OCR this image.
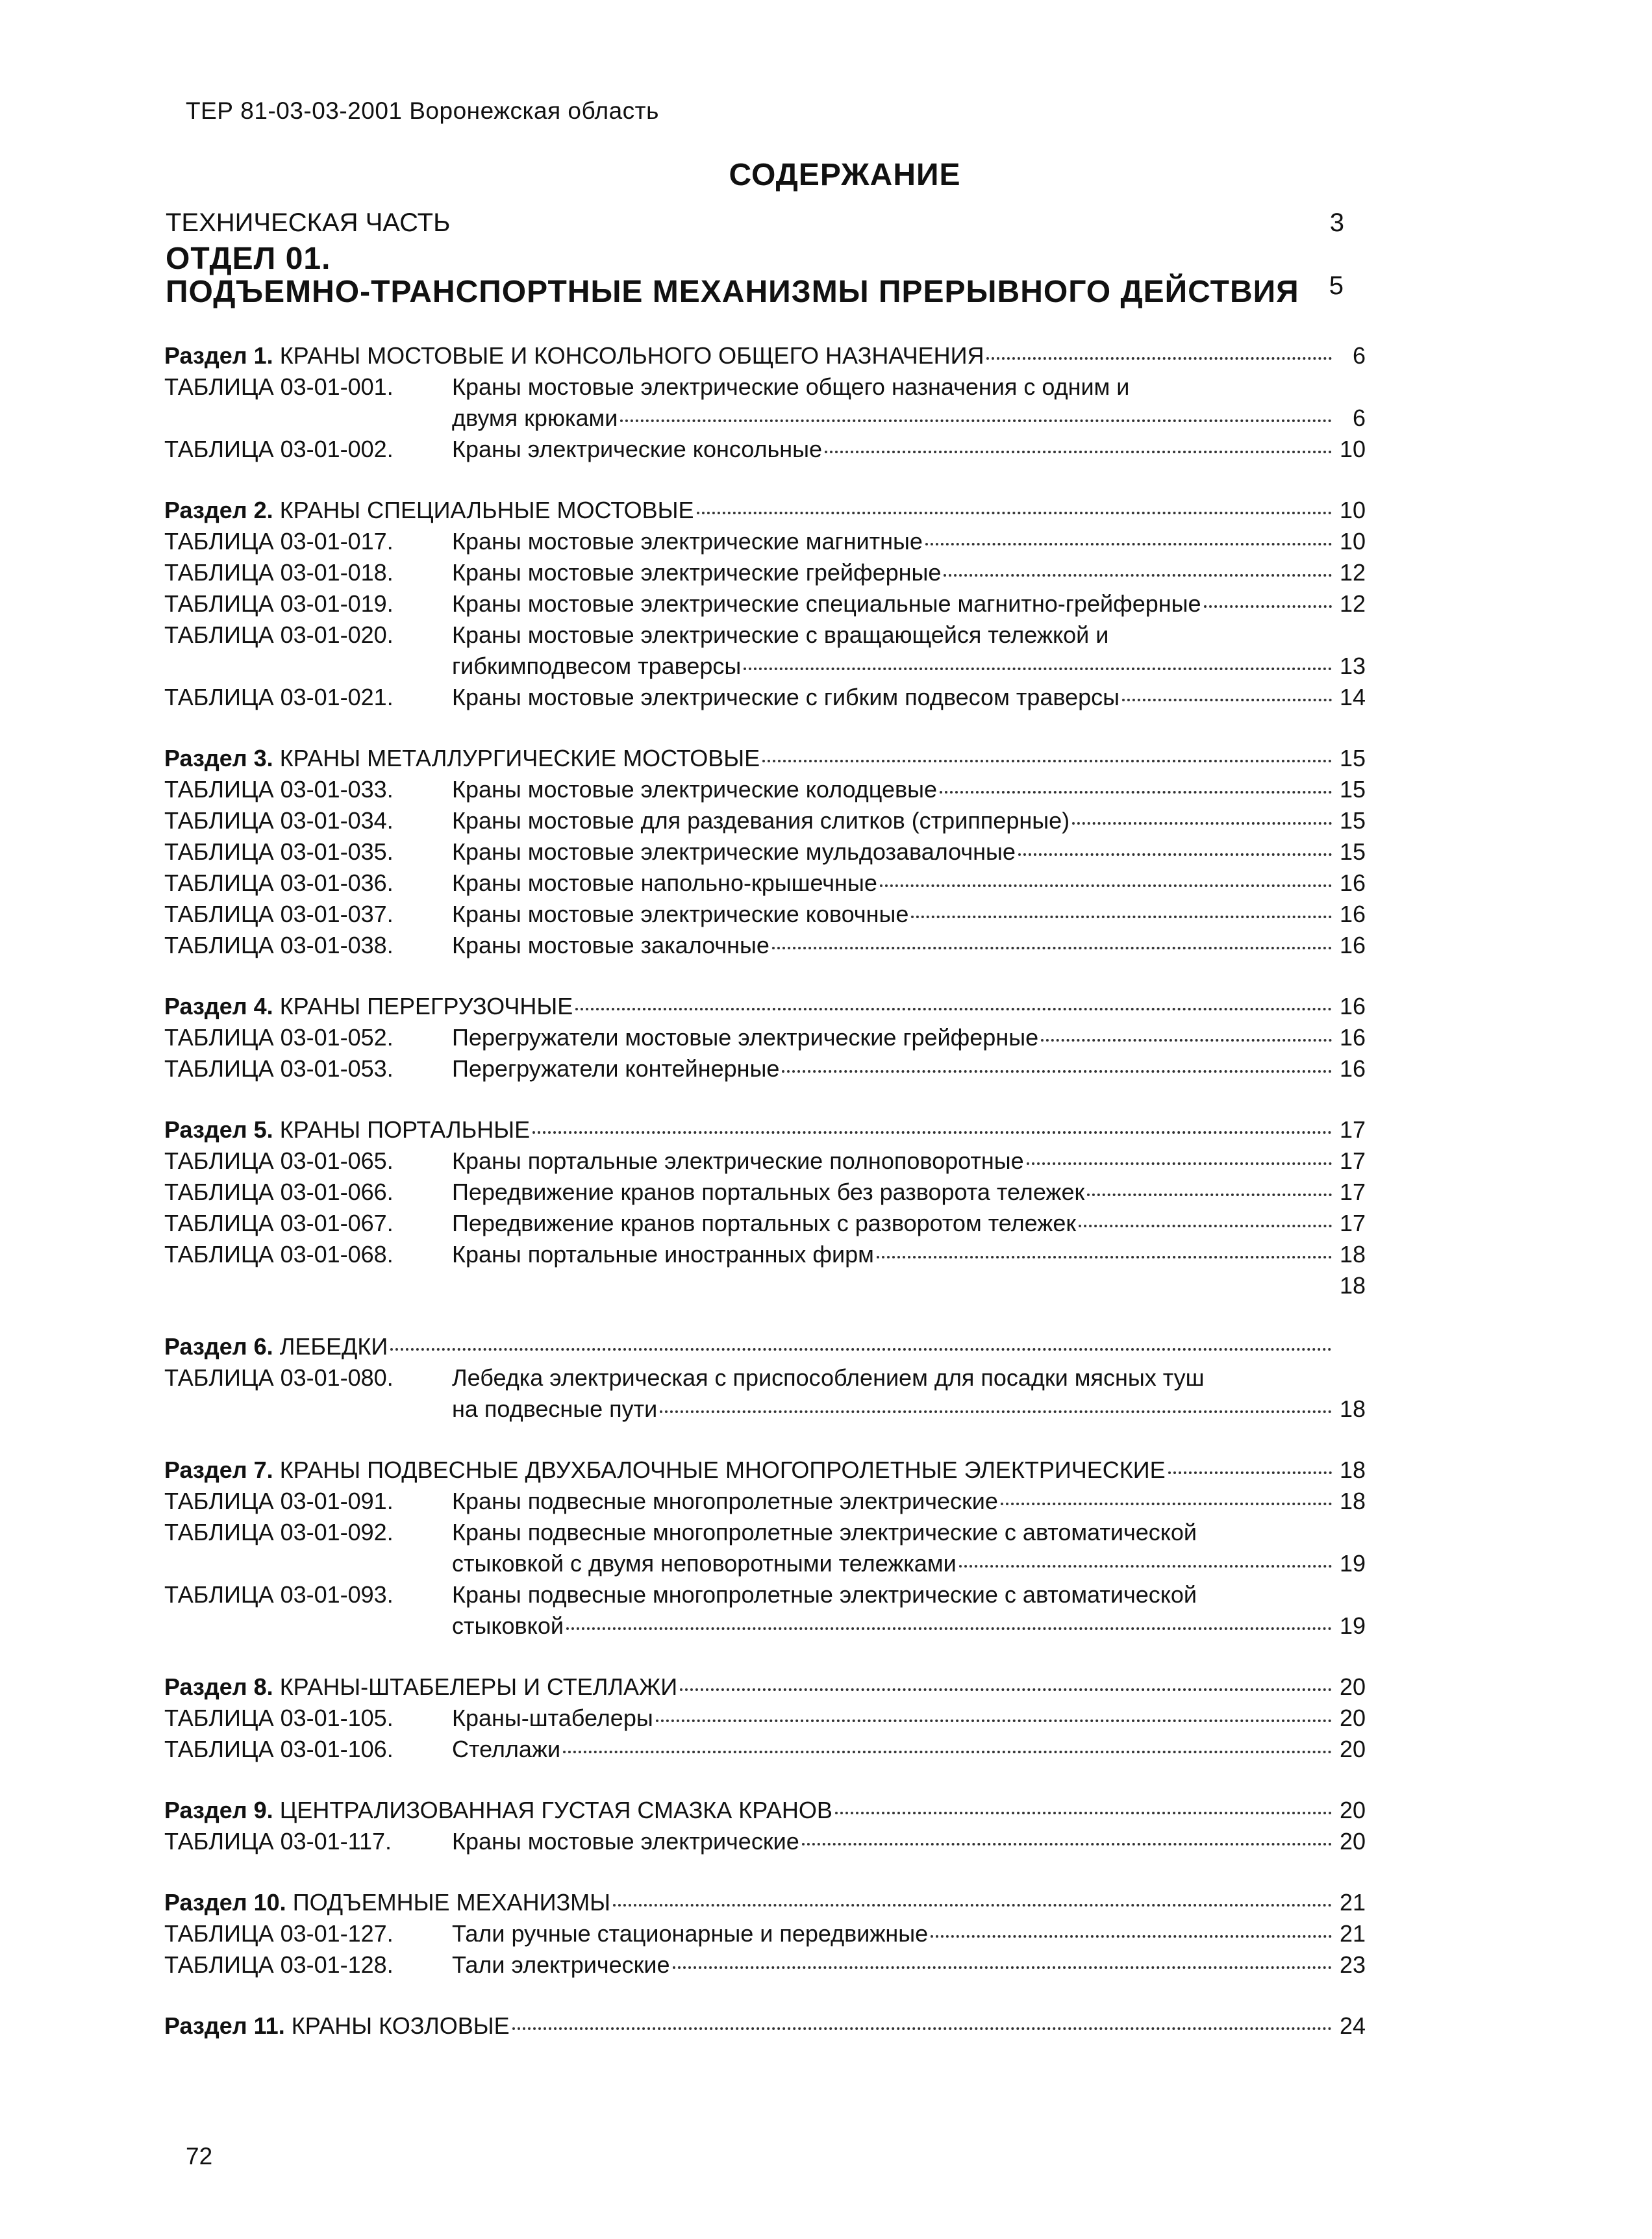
ТЕР 81-03-03-2001 Воронежская область
СОДЕРЖАНИЕ
ТЕХНИЧЕСКАЯ ЧАСТЬ	3
ОТДЕЛ 01.
ПОДЪЕМНО-ТРАНСПОРТНЫЕ МЕХАНИЗМЫ ПРЕРЫВНОГО ДЕЙСТВИЯ 5
Раздел 1. КРАНЫ МОСТОВЫЕ И КОНСОЛЬНОГО ОБЩЕГО НАЗНАЧЕНИЯ	6
ТАБЛИЦА 03-01-001.	Краны мостовые электрические общего назначения с одним и
двумя крюками	6
ТАБЛИЦА 03-01-002.	Краны электрические консольные	10
Раздел 2. КРАНЫ СПЕЦИАЛЬНЫЕ МОСТОВЫЕ	10
ТАБЛИЦА 03-01-017.	Краны мостовые электрические магнитные	10
ТАБЛИЦА 03-01-018.	Краны мостовые электрические грейферные	12
ТАБЛИЦА 03-01-019.	Краны мостовые электрические специальные магнитно-грейферные	12
ТАБЛИЦА 03-01-020.	Краны мостовые электрические с вращающейся тележкой и
гибкимподвесом траверсы	13
ТАБЛИЦА 03-01-021.	Краны мостовые электрические с гибким подвесом траверсы	14
Раздел 3. КРАНЫ МЕТАЛЛУРГИЧЕСКИЕ МОСТОВЫЕ	15
ТАБЛИЦА 03-01-033.	Краны мостовые электрические колодцевые	15
ТАБЛИЦА 03-01-034.	Краны мостовые для раздевания слитков (стрипперные)	15
ТАБЛИЦА 03-01-035.	Краны мостовые электрические мульдозавалочные	15
ТАБЛИЦА 03-01-036.	Краны мостовые напольно-крышечные	16
ТАБЛИЦА 03-01-037.	Краны мостовые электрические ковочные	16
ТАБЛИЦА 03-01-038.	Краны мостовые закалочные	16
Раздел 4. КРАНЫ ПЕРЕГРУЗОЧНЫЕ	16
ТАБЛИЦА 03-01-052.	Перегружатели мостовые электрические грейферные	16
ТАБЛИЦА 03-01-053.	Перегружатели контейнерные	16
Раздел 5. КРАНЫ ПОРТАЛЬНЫЕ	17
ТАБЛИЦА 03-01-065.	Краны портальные электрические полноповоротные	17
ТАБЛИЦА 03-01-066.	Передвижение кранов портальных без разворота тележек	17
ТАБЛИЦА 03-01-067.	Передвижение кранов портальных с разворотом тележек	17
ТАБЛИЦА 03-01-068.	Краны портальные иностранных фирм	18
18
Раздел 6. ЛЕБЕДКИ
ТАБЛИЦА 03-01-080.	Лебедка электрическая с приспособлением для посадки мясных туш
на подвесные пути	18
Раздел 7. КРАНЫ ПОДВЕСНЫЕ ДВУХБАЛОЧНЫЕ МНОГОПРОЛЕТНЫЕ ЭЛЕКТРИЧЕСКИЕ	18
ТАБЛИЦА 03-01-091.	Краны подвесные многопролетные электрические	18
ТАБЛИЦА 03-01-092.	Краны подвесные многопролетные электрические с автоматической
стыковкой с двумя неповоротными тележками	19
ТАБЛИЦА 03-01-093.	Краны подвесные многопролетные электрические с автоматической
стыковкой	19
Раздел 8. КРАНЫ-ШТАБЕЛЕРЫ И СТЕЛЛАЖИ	20
ТАБЛИЦА 03-01-105.	Краны-штабелеры	20
ТАБЛИЦА 03-01-106.	Стеллажи	20
Раздел 9. ЦЕНТРАЛИЗОВАННАЯ ГУСТАЯ СМАЗКА КРАНОВ	20
ТАБЛИЦА 03-01-117.	Краны мостовые электрические	20
Раздел 10. ПОДЪЕМНЫЕ МЕХАНИЗМЫ	21
ТАБЛИЦА 03-01-127.	Тали ручные стационарные и передвижные	21
ТАБЛИЦА 03-01-128.	Тали электрические	23
Раздел 11. КРАНЫ КОЗЛОВЫЕ	24
72
